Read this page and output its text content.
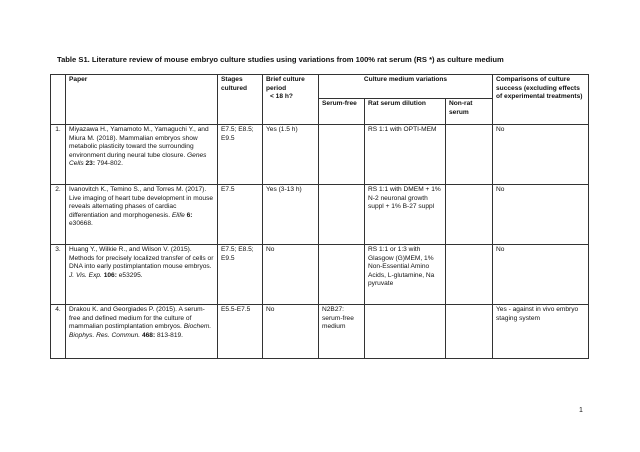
Table S1. Literature review of mouse embryo culture studies using variations from 100% rat serum (RS *) as culture medium
	Paper	Stages cultured	Brief culture period
< 18 h?	Culture medium variations			Comparisons of culture success (excluding effects of experimental treatments)
				Serum-free	Rat serum dilution	Non-rat serum	
1.	Miyazawa H., Yamamoto M., Yamaguchi Y., and Miura M. (2018). Mammalian embryos show metabolic plasticity toward the surrounding environment during neural tube closure. Genes Cells 23: 794-802.	E7.5; E8.5; E9.5	Yes (1.5 h)		RS 1:1 with OPTI-MEM		No
2.	Ivanovitch K., Temino S., and Torres M. (2017). Live imaging of heart tube development in mouse reveals alternating phases of cardiac differentiation and morphogenesis. Elife 6: e30668.	E7.5	Yes (3-13 h)		RS 1:1 with DMEM + 1% N-2 neuronal growth suppl + 1% B-27 suppl		No
3.	Huang Y., Wilkie R., and Wilson V. (2015). Methods for precisely localized transfer of cells or DNA into early postimplantation mouse embryos. J. Vis. Exp. 106: e53295.	E7.5; E8.5; E9.5	No		RS 1:1 or 1:3 with Glasgow (G)MEM, 1% Non-Essential Amino Acids, L-glutamine, Na pyruvate		No
4.	Drakou K. and Georgiades P. (2015). A serum-free and defined medium for the culture of mammalian postimplantation embryos. Biochem. Biophys. Res. Commun. 468: 813-819.	E5.5-E7.5	No	N2B27: serum-free medium			Yes - against in vivo embryo staging system
1
